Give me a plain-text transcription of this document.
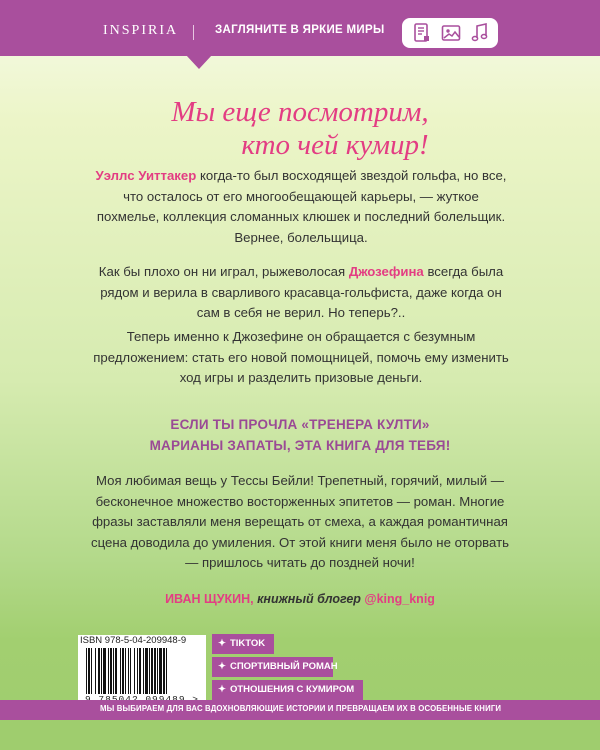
INSPIRIA	ЗАГЛЯНИТЕ В ЯРКИЕ МИРЫ
Мы еще посмотрим,

кто чей кумир!
Уэллс Уиттакер когда-то был восходящей звездой гольфа, но все, что осталось от его многообещающей карьеры, — жуткое похмелье, коллекция сломанных клюшек и последний болельщик. Вернее, болельщица.
Как бы плохо он ни играл, рыжеволосая Джозефина всегда была рядом и верила в сварливого красавца-гольфиста, даже когда он сам в себя не верил. Но теперь?..
Теперь именно к Джозефине он обращается с безумным предложением: стать его новой помощницей, помочь ему изменить ход игры и разделить призовые деньги.
ЕСЛИ ТЫ ПРОЧЛА «ТРЕНЕРА КУЛТИ»
МАРИАНЫ ЗАПАТЫ, ЭТА КНИГА ДЛЯ ТЕБЯ!
Моя любимая вещь у Тессы Бейли! Трепетный, горячий, милый — бесконечное множество восторженных эпитетов — роман. Многие фразы заставляли меня верещать от смеха, а каждая романтичная сцена доводила до умиления. От этой книги меня было не оторвать — пришлось читать до поздней ночи!
ИВАН ЩУКИН, книжный блогер @king_knig
ISBN 978-5-04-209948-9	✦ TIKTOK
✦ СПОРТИВНЫЙ РОМАН
✦ ОТНОШЕНИЯ С КУМИРОМ
МЫ ВЫБИРАЕМ ДЛЯ ВАС ВДОХНОВЛЯЮЩИЕ ИСТОРИИ И ПРЕВРАЩАЕМ ИХ В ОСОБЕННЫЕ КНИГИ
